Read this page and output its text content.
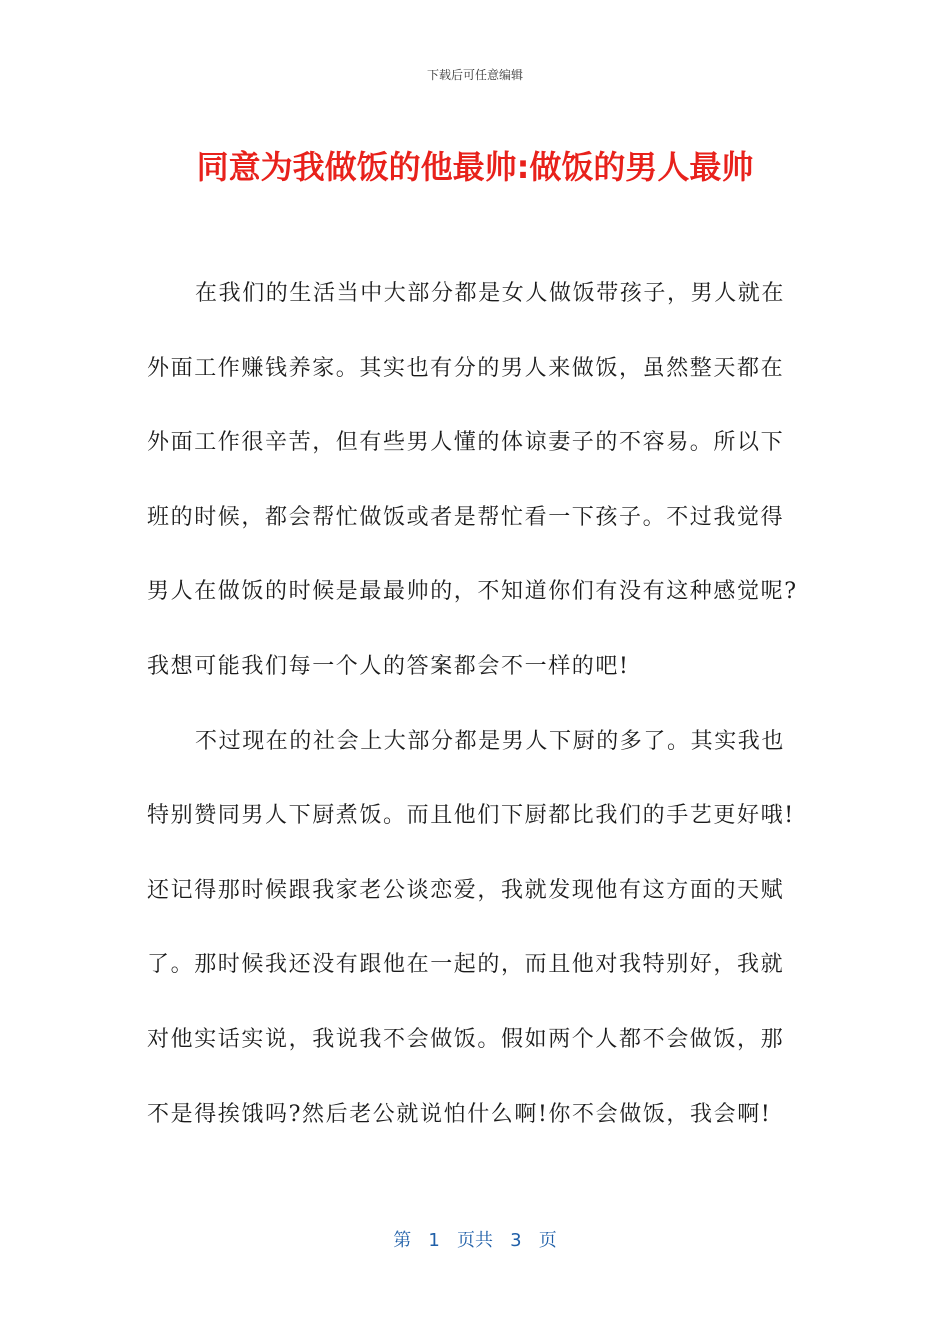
下载后可任意编辑
同意为我做饭的他最帅:做饭的男人最帅
在我们的生活当中大部分都是女人做饭带孩子，男人就在
外面工作赚钱养家。其实也有分的男人来做饭，虽然整天都在
外面工作很辛苦，但有些男人懂的体谅妻子的不容易。所以下
班的时候，都会帮忙做饭或者是帮忙看一下孩子。不过我觉得
男人在做饭的时候是最最帅的，不知道你们有没有这种感觉呢?
我想可能我们每一个人的答案都会不一样的吧!
不过现在的社会上大部分都是男人下厨的多了。其实我也
特别赞同男人下厨煮饭。而且他们下厨都比我们的手艺更好哦!
还记得那时候跟我家老公谈恋爱，我就发现他有这方面的天赋
了。那时候我还没有跟他在一起的，而且他对我特别好，我就
对他实话实说，我说我不会做饭。假如两个人都不会做饭，那
不是得挨饿吗?然后老公就说怕什么啊!你不会做饭，我会啊!
第 1 页共 3 页
